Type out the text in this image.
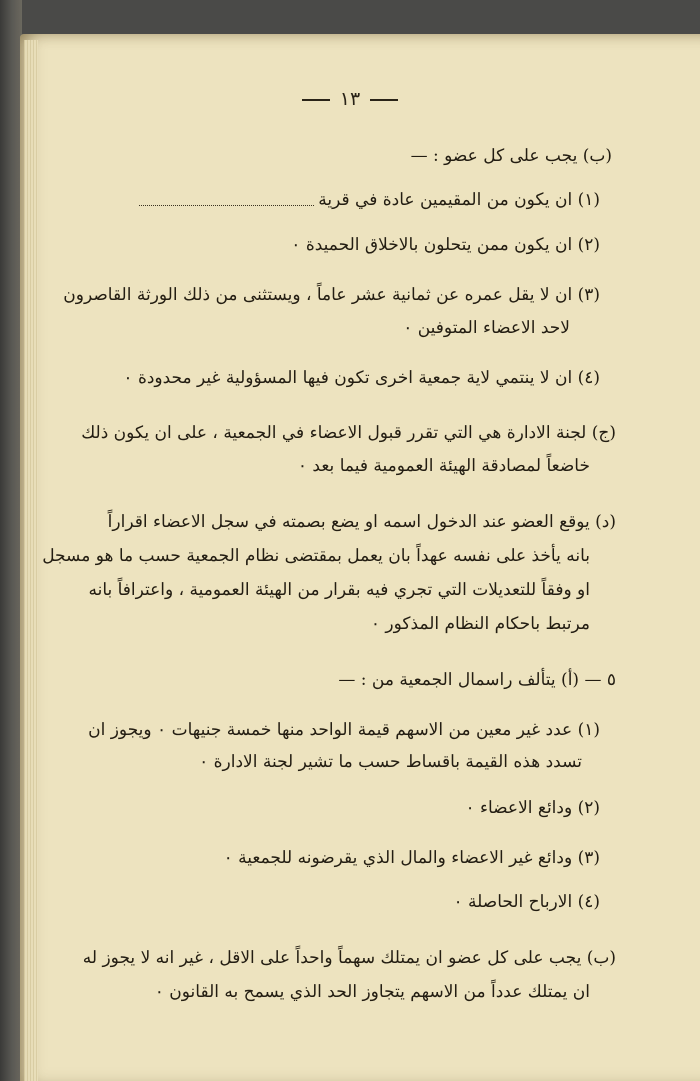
١٣
(ب) يجب على كل عضو : —
(١) ان يكون من المقيمين عادة في قرية
(٢) ان يكون ممن يتحلون بالاخلاق الحميدة ٠
(٣) ان لا يقل عمره عن ثمانية عشر عاماً ، ويستثنى من ذلك الورثة القاصرون
لاحد الاعضاء المتوفين ٠
(٤) ان لا ينتمي لاية جمعية اخرى تكون فيها المسؤولية غير محدودة ٠
(ج) لجنة الادارة هي التي تقرر قبول الاعضاء في الجمعية ، على ان يكون ذلك
خاضعاً لمصادقة الهيئة العمومية فيما بعد ٠
(د) يوقع العضو عند الدخول اسمه او يضع بصمته في سجل الاعضاء اقراراً
بانه يأخذ على نفسه عهداً بان يعمل بمقتضى نظام الجمعية حسب ما هو مسجل
او وفقاً للتعديلات التي تجري فيه بقرار من الهيئة العمومية ، واعترافاً بانه
مرتبط باحكام النظام المذكور ٠
٥ — (أ) يتألف راسمال الجمعية من : —
(١) عدد غير معين من الاسهم قيمة الواحد منها خمسة جنيهات ٠ ويجوز ان
تسدد هذه القيمة باقساط حسب ما تشير لجنة الادارة ٠
(٢) ودائع الاعضاء ٠
(٣) ودائع غير الاعضاء والمال الذي يقرضونه للجمعية ٠
(٤) الارباح الحاصلة ٠
(ب) يجب على كل عضو ان يمتلك سهماً واحداً على الاقل ، غير انه لا يجوز له
ان يمتلك عدداً من الاسهم يتجاوز الحد الذي يسمح به القانون ٠
